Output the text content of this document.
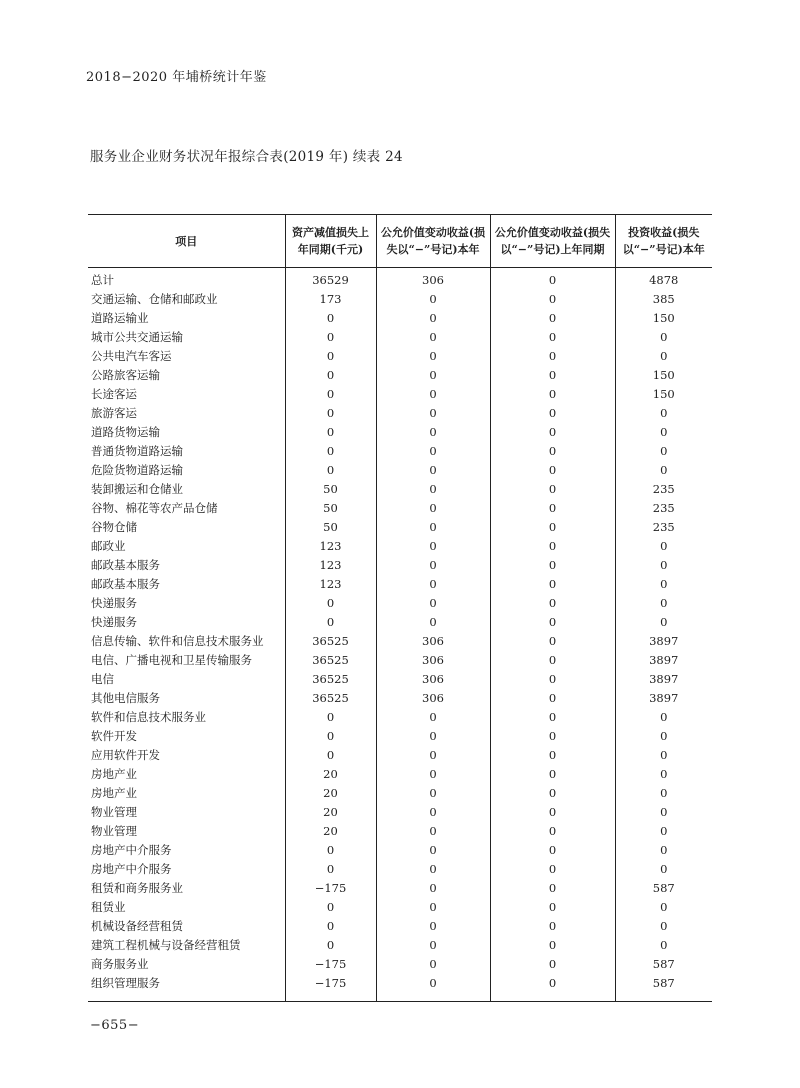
2018−2020 年埔桥统计年鉴
服务业企业财务状况年报综合表(2019 年) 续表 24
项目	资产减值损失上年同期(千元)	公允价值变动收益(损失以“−”号记)本年	公允价值变动收益(损失以“−”号记)上年同期	投资收益(损失以“−”号记)本年
总计	36529	306	0	4878
交通运输、仓储和邮政业	173	0	0	385
道路运输业	0	0	0	150
城市公共交通运输	0	0	0	0
公共电汽车客运	0	0	0	0
公路旅客运输	0	0	0	150
长途客运	0	0	0	150
旅游客运	0	0	0	0
道路货物运输	0	0	0	0
普通货物道路运输	0	0	0	0
危险货物道路运输	0	0	0	0
装卸搬运和仓储业	50	0	0	235
谷物、棉花等农产品仓储	50	0	0	235
谷物仓储	50	0	0	235
邮政业	123	0	0	0
邮政基本服务	123	0	0	0
邮政基本服务	123	0	0	0
快递服务	0	0	0	0
快递服务	0	0	0	0
信息传输、软件和信息技术服务业	36525	306	0	3897
电信、广播电视和卫星传输服务	36525	306	0	3897
电信	36525	306	0	3897
其他电信服务	36525	306	0	3897
软件和信息技术服务业	0	0	0	0
软件开发	0	0	0	0
应用软件开发	0	0	0	0
房地产业	20	0	0	0
房地产业	20	0	0	0
物业管理	20	0	0	0
物业管理	20	0	0	0
房地产中介服务	0	0	0	0
房地产中介服务	0	0	0	0
租赁和商务服务业	−175	0	0	587
租赁业	0	0	0	0
机械设备经营租赁	0	0	0	0
建筑工程机械与设备经营租赁	0	0	0	0
商务服务业	−175	0	0	587
组织管理服务	−175	0	0	587
−655−
